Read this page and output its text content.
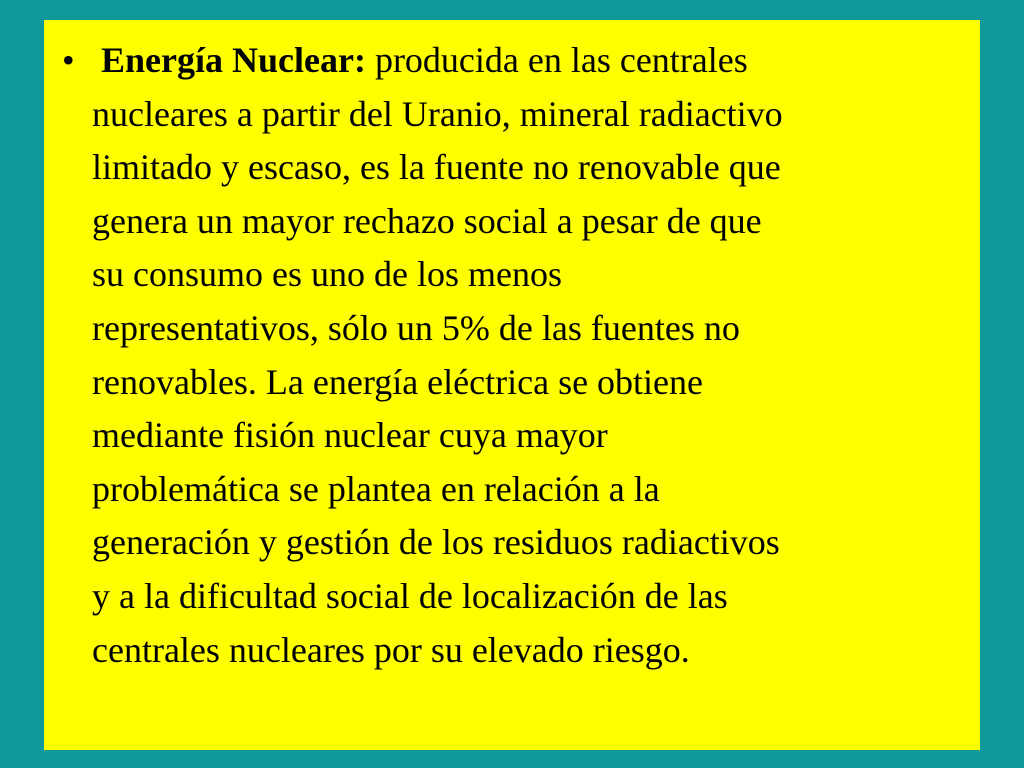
• Energía Nuclear: producida en las centrales
nucleares a partir del Uranio, mineral radiactivo
limitado y escaso, es la fuente no renovable que
genera un mayor rechazo social a pesar de que
su consumo es uno de los menos
representativos, sólo un 5% de las fuentes no
renovables. La energía eléctrica se obtiene
mediante fisión nuclear cuya mayor
problemática se plantea en relación a la
generación y gestión de los residuos radiactivos
y a la dificultad social de localización de las
centrales nucleares por su elevado riesgo.
